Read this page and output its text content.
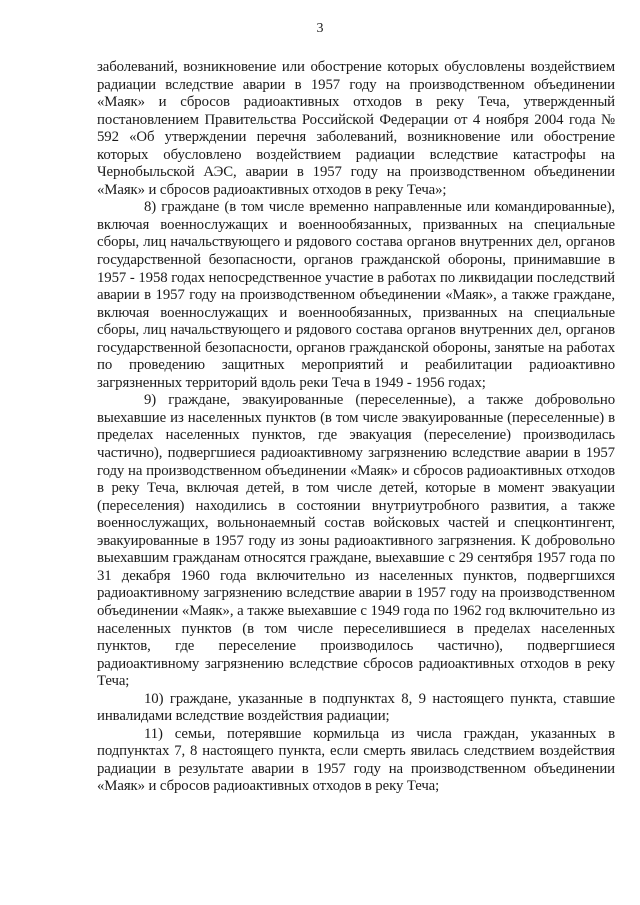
3

заболеваний, возникновение или обострение которых обусловлены воздействием радиации вследствие аварии в 1957 году на производственном объединении «Маяк» и сбросов радиоактивных отходов в реку Теча, утвержденный постановлением Правительства Российской Федерации от 4 ноября 2004 года № 592 «Об утверждении перечня заболеваний, возникновение или обострение которых обусловлено воздействием радиации вследствие катастрофы на Чернобыльской АЭС, аварии в 1957 году на производственном объединении «Маяк» и сбросов радиоактивных отходов в реку Теча»;

8) граждане (в том числе временно направленные или командированные), включая военнослужащих и военнообязанных, призванных на специальные сборы, лиц начальствующего и рядового состава органов внутренних дел, органов государственной безопасности, органов гражданской обороны, принимавшие в 1957 - 1958 годах непосредственное участие в работах по ликвидации последствий аварии в 1957 году на производственном объединении «Маяк», а также граждане, включая военнослужащих и военнообязанных, призванных на специальные сборы, лиц начальствующего и рядового состава органов внутренних дел, органов государственной безопасности, органов гражданской обороны, занятые на работах по проведению защитных мероприятий и реабилитации радиоактивно загрязненных территорий вдоль реки Теча в 1949 - 1956 годах;

9) граждане, эвакуированные (переселенные), а также добровольно выехавшие из населенных пунктов (в том числе эвакуированные (переселенные) в пределах населенных пунктов, где эвакуация (переселение) производилась частично), подвергшиеся радиоактивному загрязнению вследствие аварии в 1957 году на производственном объединении «Маяк» и сбросов радиоактивных отходов в реку Теча, включая детей, в том числе детей, которые в момент эвакуации (переселения) находились в состоянии внутриутробного развития, а также военнослужащих, вольнонаемный состав войсковых частей и спецконтингент, эвакуированные в 1957 году из зоны радиоактивного загрязнения. К добровольно выехавшим гражданам относятся граждане, выехавшие с 29 сентября 1957 года по 31 декабря 1960 года включительно из населенных пунктов, подвергшихся радиоактивному загрязнению вследствие аварии в 1957 году на производственном объединении «Маяк», а также выехавшие с 1949 года по 1962 год включительно из населенных пунктов (в том числе переселившиеся в пределах населенных пунктов, где переселение производилось частично), подвергшиеся радиоактивному загрязнению вследствие сбросов радиоактивных отходов в реку Теча;

10) граждане, указанные в подпунктах 8, 9 настоящего пункта, ставшие инвалидами вследствие воздействия радиации;

11) семьи, потерявшие кормильца из числа граждан, указанных в подпунктах 7, 8 настоящего пункта, если смерть явилась следствием воздействия радиации в результате аварии в 1957 году на производственном объединении «Маяк» и сбросов радиоактивных отходов в реку Теча;
